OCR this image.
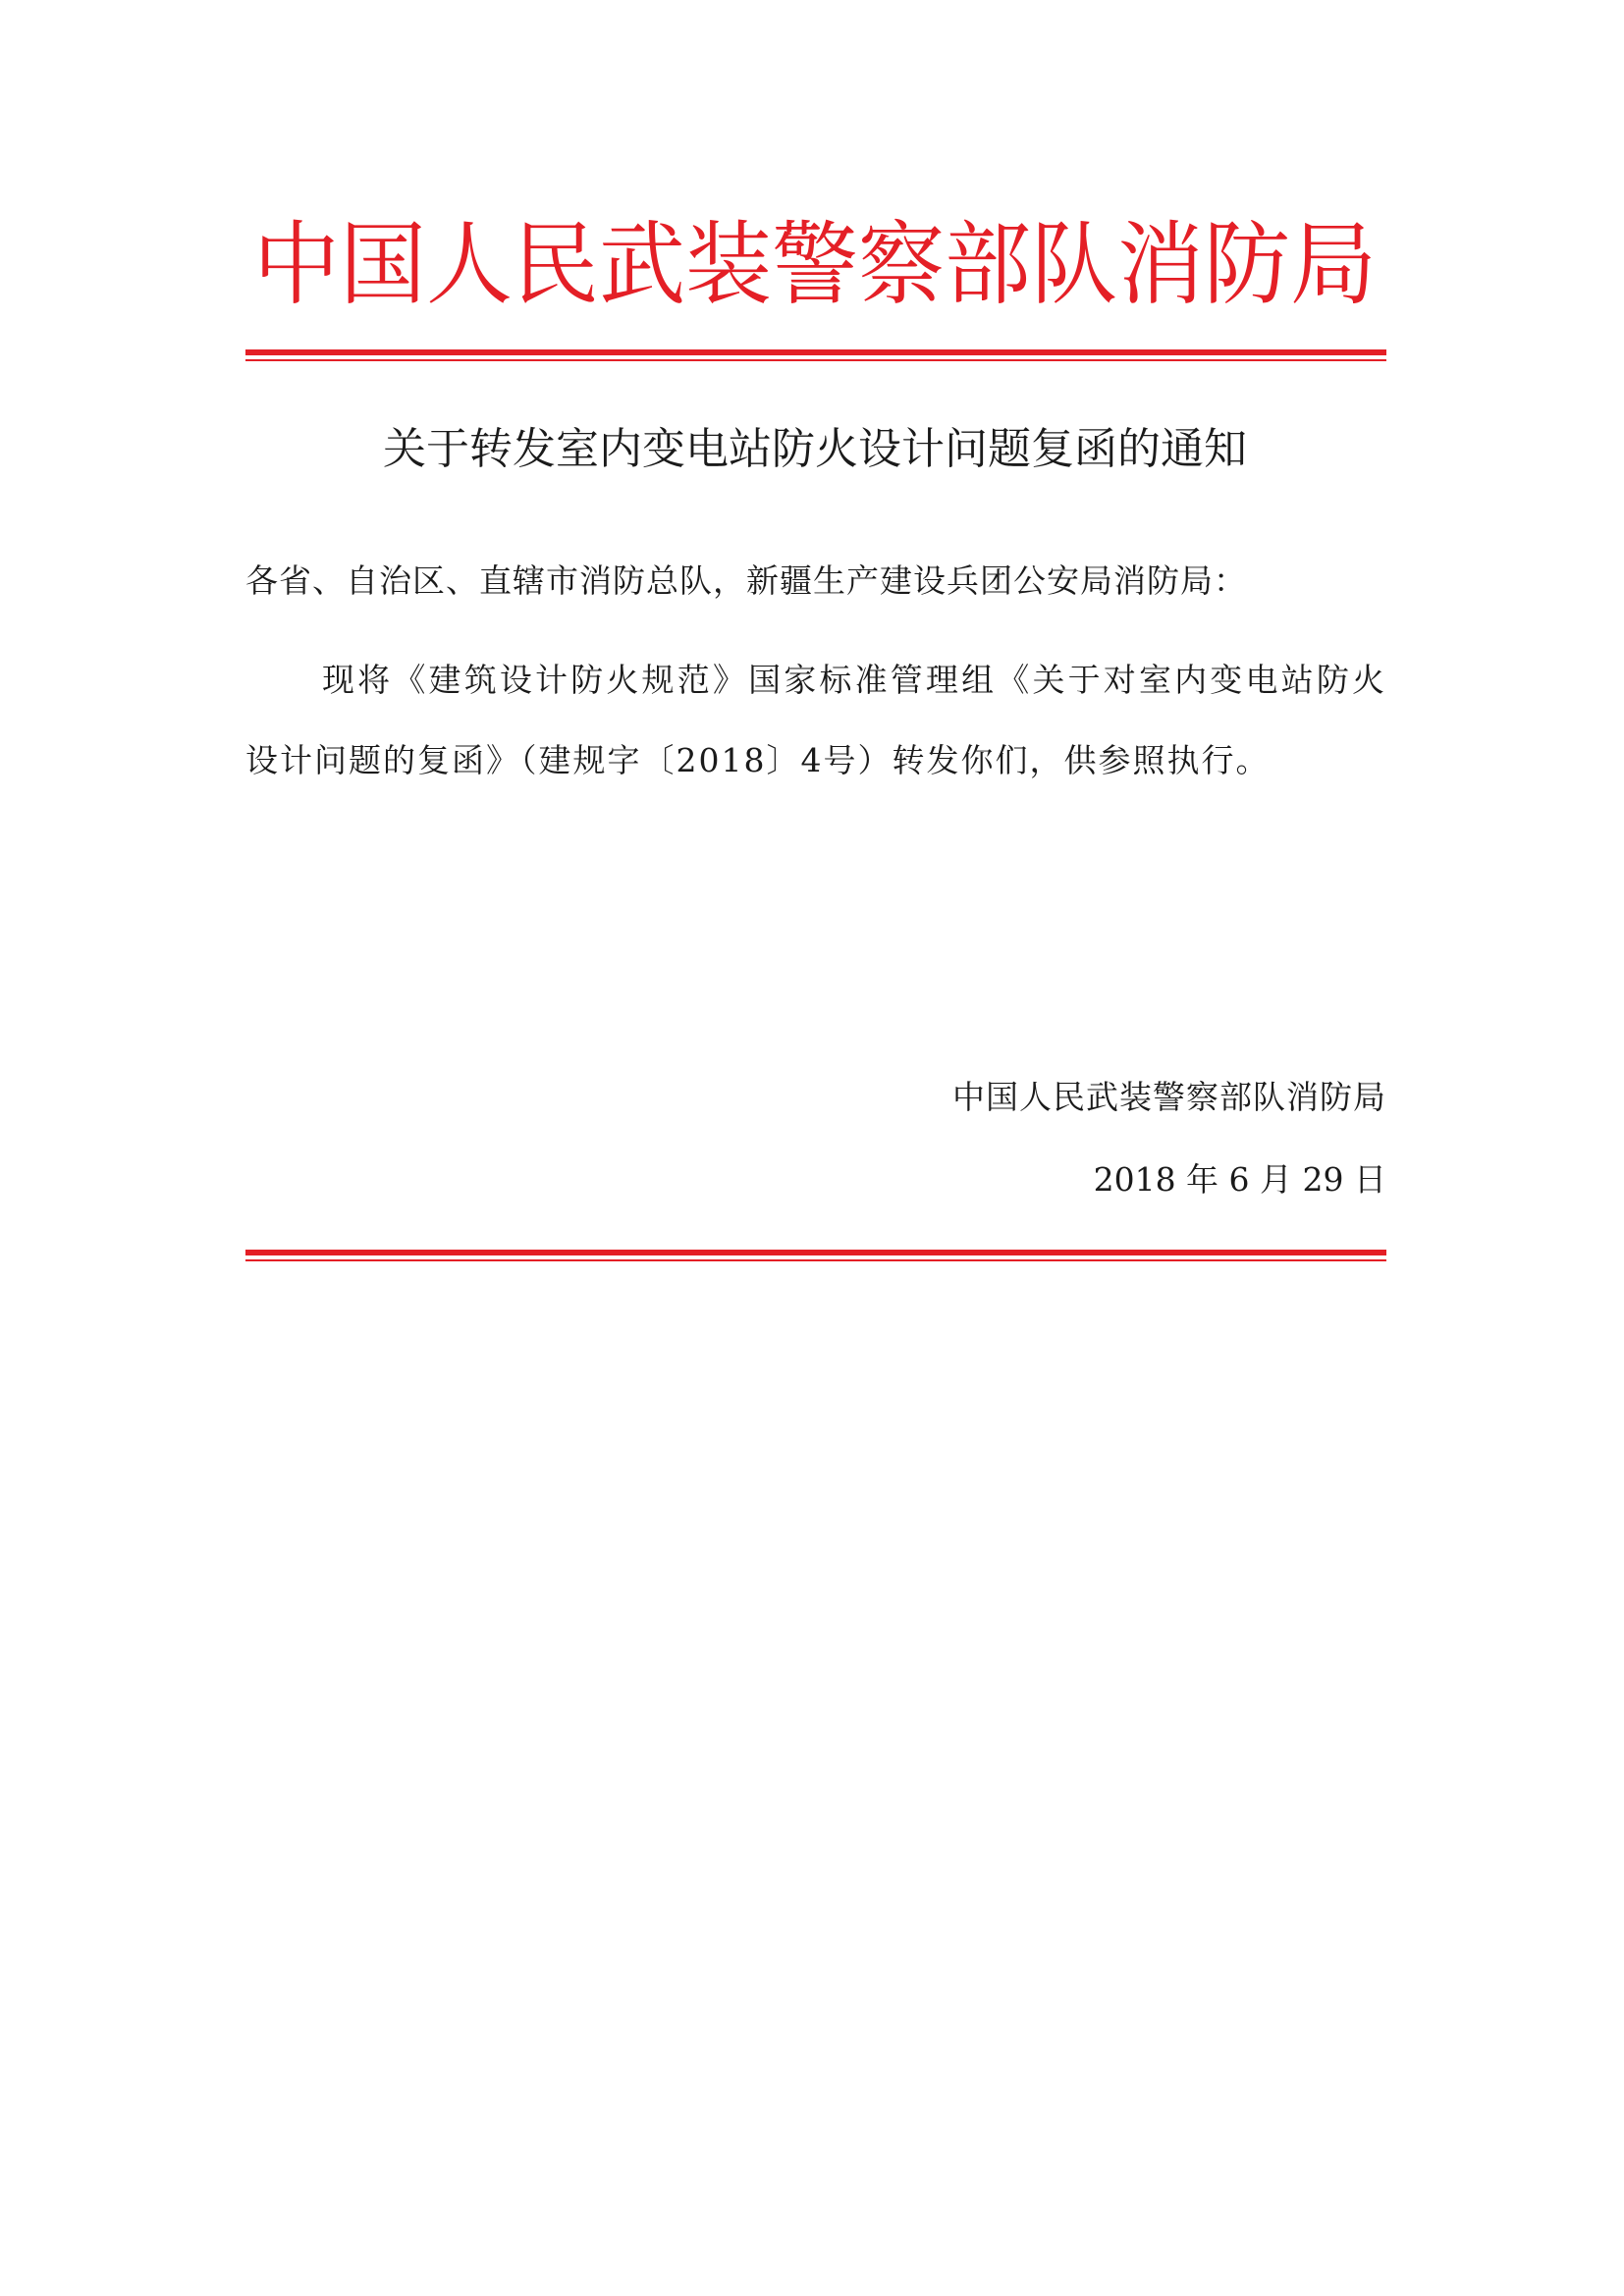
中国人民武装警察部队消防局
关于转发室内变电站防火设计问题复函的通知
各省、自治区、直辖市消防总队，新疆生产建设兵团公安局消防局：
现将《建筑设计防火规范》国家标准管理组《关于对室内变电站防火设计问题的复函》（建规字〔2018〕4号）转发你们，供参照执行。
中国人民武装警察部队消防局
2018 年 6 月 29 日
